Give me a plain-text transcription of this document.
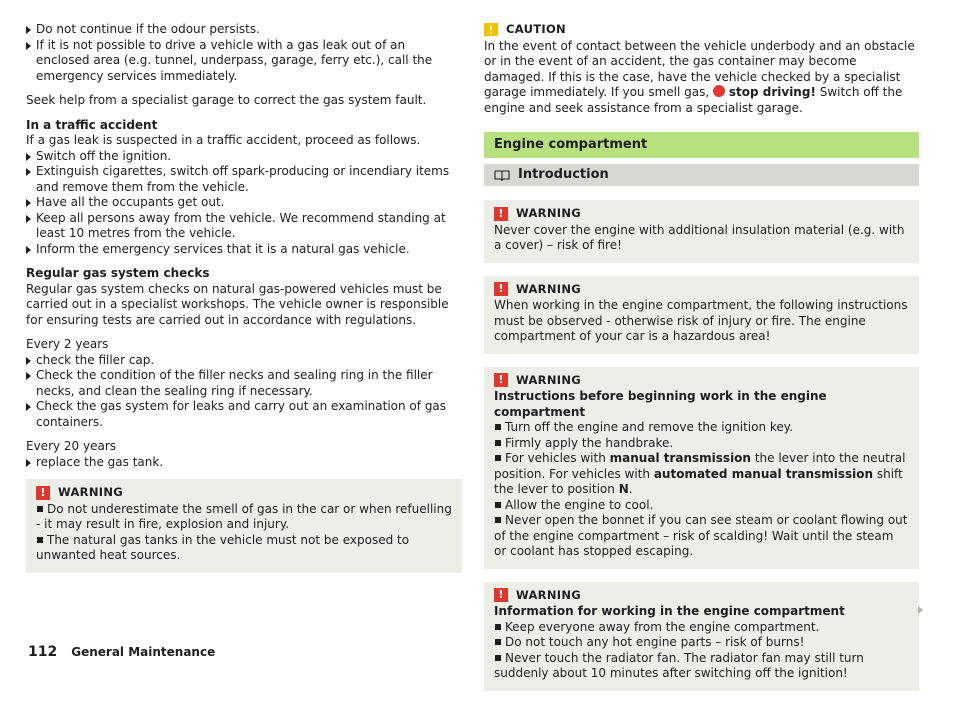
Do not continue if the odour persists.
If it is not possible to drive a vehicle with a gas leak out of an enclosed area (e.g. tunnel, underpass, garage, ferry etc.), call the emergency services immediately.

Seek help from a specialist garage to correct the gas system fault.

In a traffic accident

If a gas leak is suspected in a traffic accident, proceed as follows.

Switch off the ignition.
Extinguish cigarettes, switch off spark-producing or incendiary items and remove them from the vehicle.
Have all the occupants get out.
Keep all persons away from the vehicle. We recommend standing at least 10 metres from the vehicle.
Inform the emergency services that it is a natural gas vehicle.

Regular gas system checks

Regular gas system checks on natural gas-powered vehicles must be carried out in a specialist workshops. The vehicle owner is responsible for ensuring tests are carried out in accordance with regulations.

Every 2 years

check the filler cap.
Check the condition of the filler necks and sealing ring in the filler necks, and clean the sealing ring if necessary.
Check the gas system for leaks and carry out an examination of gas containers.

Every 20 years

replace the gas tank.
!	WARNING

Do not underestimate the smell of gas in the car or when refuelling - it may result in fire, explosion and injury.

The natural gas tanks in the vehicle must not be exposed to unwanted heat sources.

CAUTION

In the event of contact between the vehicle underbody and an obstacle or in the event of an accident, the gas container may become damaged. If this is the case, have the vehicle checked by a specialist garage immediately. If you smell gas, stop driving! Switch off the engine and seek assistance from a specialist garage.

Engine compartment
Introduction
!	WARNING

Never cover the engine with additional insulation material (e.g. with a cover) – risk of fire!

!	WARNING

When working in the engine compartment, the following instructions must be observed - otherwise risk of injury or fire. The engine compartment of your car is a hazardous area!

!	WARNING

Instructions before beginning work in the engine compartment

Turn off the engine and remove the ignition key.

Firmly apply the handbrake.

For vehicles with manual transmission the lever into the neutral position. For vehicles with automated manual transmission shift the lever to position N.

Allow the engine to cool.

Never open the bonnet if you can see steam or coolant flowing out of the engine compartment – risk of scalding! Wait until the steam or coolant has stopped escaping.

!	WARNING

Information for working in the engine compartment

Keep everyone away from the engine compartment.

Do not touch any hot engine parts – risk of burns!

Never touch the radiator fan. The radiator fan may still turn suddenly about 10 minutes after switching off the ignition!

112 General Maintenance
